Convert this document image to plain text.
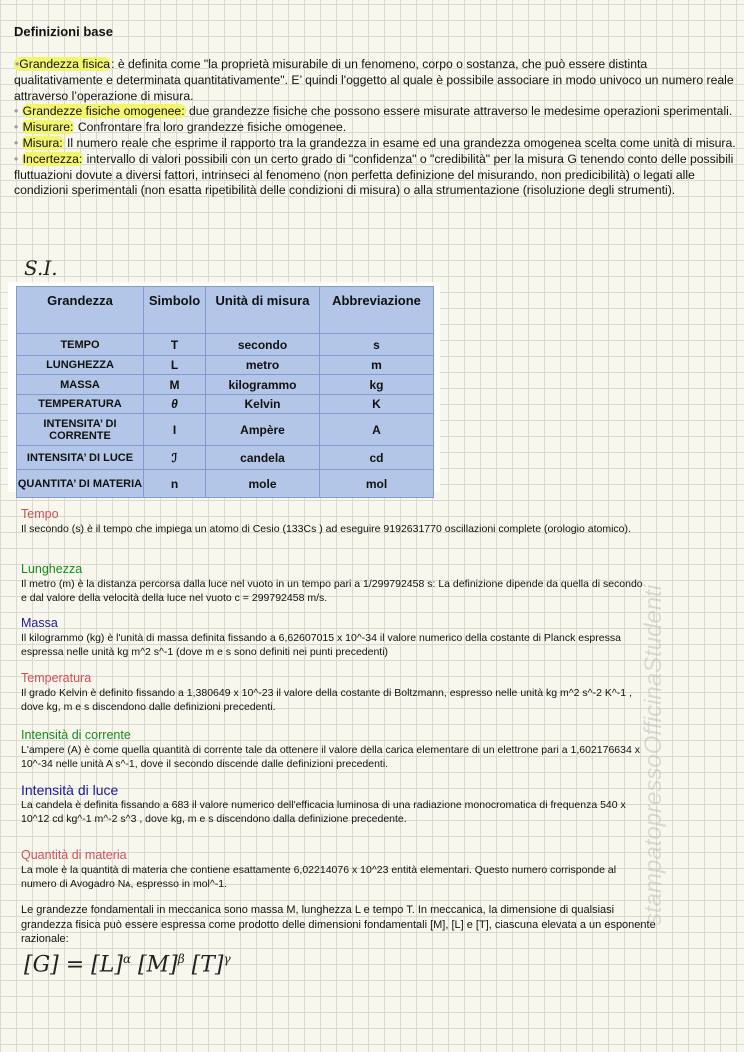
Definizioni base
•Grandezza fisica: è definita come "la proprietà misurabile di un fenomeno, corpo o sostanza, che può essere distinta qualitativamente e determinata quantitativamente". E’ quindi l'oggetto al quale è possibile associare in modo univoco un numero reale attraverso l’operazione di misura.
• Grandezze fisiche omogenee: due grandezze fisiche che possono essere misurate attraverso le medesime operazioni sperimentali.
• Misurare: Confrontare fra loro grandezze fisiche omogenee.
• Misura: Il numero reale che esprime il rapporto tra la grandezza in esame ed una grandezza omogenea scelta come unità di misura.
• Incertezza: intervallo di valori possibili con un certo grado di "confidenza" o "credibilità" per la misura G tenendo conto delle possibili fluttuazioni dovute a diversi fattori, intrinseci al fenomeno (non perfetta definizione del misurando, non predicibilità) o legati alle condizioni sperimentali (non esatta ripetibilità delle condizioni di misura) o alla strumentazione (risoluzione degli strumenti).
S.I.
Grandezza	Simbolo	Unità di misura	Abbreviazione
TEMPO	T	secondo	s
LUNGHEZZA	L	metro	m
MASSA	M	kilogrammo	kg
TEMPERATURA	θ	Kelvin	K
INTENSITA’ DI CORRENTE	I	Ampère	A
INTENSITA’ DI LUCE	ℐ	candela	cd
QUANTITA’ DI MATERIA	n	mole	mol
Tempo
Il secondo (s) è il tempo che impiega un atomo di Cesio (133Cs ) ad eseguire 9192631770 oscillazioni complete (orologio atomico).
Lunghezza
Il metro (m) è la distanza percorsa dalla luce nel vuoto in un tempo pari a 1/299792458 s: La definizione dipende da quella di secondo e dal valore della velocità della luce nel vuoto c = 299792458 m/s.
Massa
Il kilogrammo (kg) è l'unità di massa definita fissando a 6,62607015 x 10^-34 il valore numerico della costante di Planck espressa espressa nelle unità kg m^2 s^-1 (dove m e s sono definiti nei punti precedenti)
Temperatura
Il grado Kelvin è definito fissando a 1,380649 x 10^-23 il valore della costante di Boltzmann, espresso nelle unità kg m^2 s^-2 K^-1 , dove kg, m e s discendono dalle definizioni precedenti.
Intensità di corrente
L'ampere (A) è come quella quantità di corrente tale da ottenere il valore della carica elementare di un elettrone pari a 1,602176634 x 10^-34 nelle unità A s^-1, dove il secondo discende dalle definizioni precedenti.
Intensità di luce
La candela è definita fissando a 683 il valore numerico dell'efficacia luminosa di una radiazione monocromatica di frequenza 540 x 10^12 cd kg^-1 m^-2 s^3 , dove kg, m e s discendono dalla definizione precedente.
Quantità di materia
La mole è la quantità di materia che contiene esattamente 6,02214076 x 10^23 entità elementari. Questo numero corrisponde al numero di Avogadro Nᴀ, espresso in mol^-1.
Le grandezze fondamentali in meccanica sono massa M, lunghezza L e tempo T. In meccanica, la dimensione di qualsiasi grandezza fisica può essere espressa come prodotto delle dimensioni fondamentali [M], [L] e [T], ciascuna elevata a un esponente razionale:
$[G] = [L]^\alpha$ $[M]^\beta$ $[T]^\gamma$
stampatopressoOfficinaStudenti
